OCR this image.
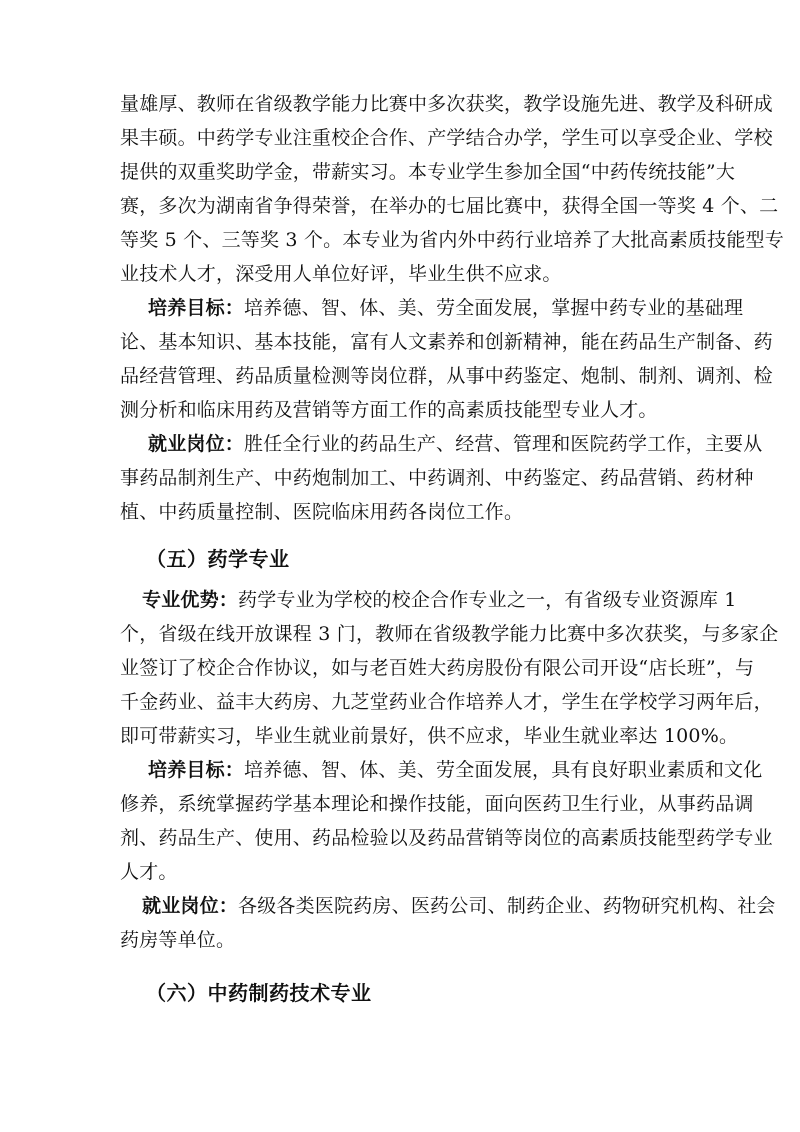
量雄厚、教师在省级教学能力比赛中多次获奖，教学设施先进、教学及科研成
果丰硕。中药学专业注重校企合作、产学结合办学，学生可以享受企业、学校
提供的双重奖助学金，带薪实习。本专业学生参加全国“中药传统技能”大
赛，多次为湖南省争得荣誉，在举办的七届比赛中，获得全国一等奖 4 个、二
等奖 5 个、三等奖 3 个。本专业为省内外中药行业培养了大批高素质技能型专
业技术人才，深受用人单位好评，毕业生供不应求。
培养目标：培养德、智、体、美、劳全面发展，掌握中药专业的基础理
论、基本知识、基本技能，富有人文素养和创新精神，能在药品生产制备、药
品经营管理、药品质量检测等岗位群，从事中药鉴定、炮制、制剂、调剂、检
测分析和临床用药及营销等方面工作的高素质技能型专业人才。
就业岗位：胜任全行业的药品生产、经营、管理和医院药学工作，主要从
事药品制剂生产、中药炮制加工、中药调剂、中药鉴定、药品营销、药材种
植、中药质量控制、医院临床用药各岗位工作。
（五）药学专业
专业优势：药学专业为学校的校企合作专业之一，有省级专业资源库 1
个，省级在线开放课程 3 门，教师在省级教学能力比赛中多次获奖，与多家企
业签订了校企合作协议，如与老百姓大药房股份有限公司开设“店长班”，与
千金药业、益丰大药房、九芝堂药业合作培养人才，学生在学校学习两年后，
即可带薪实习，毕业生就业前景好，供不应求，毕业生就业率达 100%。
培养目标：培养德、智、体、美、劳全面发展，具有良好职业素质和文化
修养，系统掌握药学基本理论和操作技能，面向医药卫生行业，从事药品调
剂、药品生产、使用、药品检验以及药品营销等岗位的高素质技能型药学专业
人才。
就业岗位：各级各类医院药房、医药公司、制药企业、药物研究机构、社会
药房等单位。
（六）中药制药技术专业
